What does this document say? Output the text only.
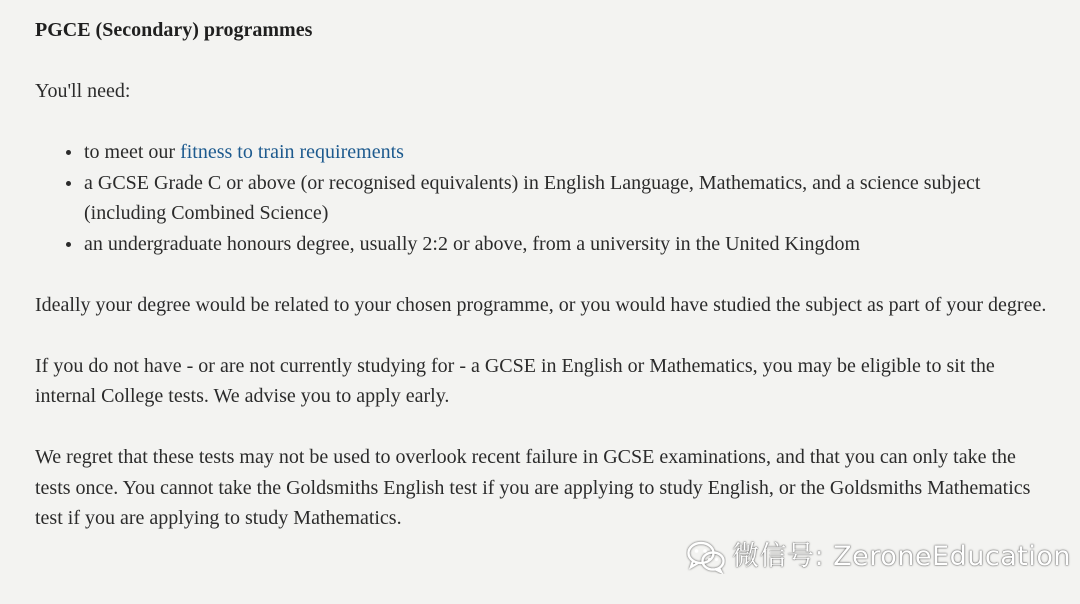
PGCE (Secondary) programmes

You'll need:

to meet our fitness to train requirements
a GCSE Grade C or above (or recognised equivalents) in English Language, Mathematics, and a science subject (including Combined Science)
an undergraduate honours degree, usually 2:2 or above, from a university in the United Kingdom

Ideally your degree would be related to your chosen programme, or you would have studied the subject as part of your degree.

If you do not have - or are not currently studying for - a GCSE in English or Mathematics, you may be eligible to sit the internal College tests. We advise you to apply early.

We regret that these tests may not be used to overlook recent failure in GCSE examinations, and that you can only take the tests once. You cannot take the Goldsmiths English test if you are applying to study English, or the Goldsmiths Mathematics test if you are applying to study Mathematics.

微信号: ZeroneEducation
